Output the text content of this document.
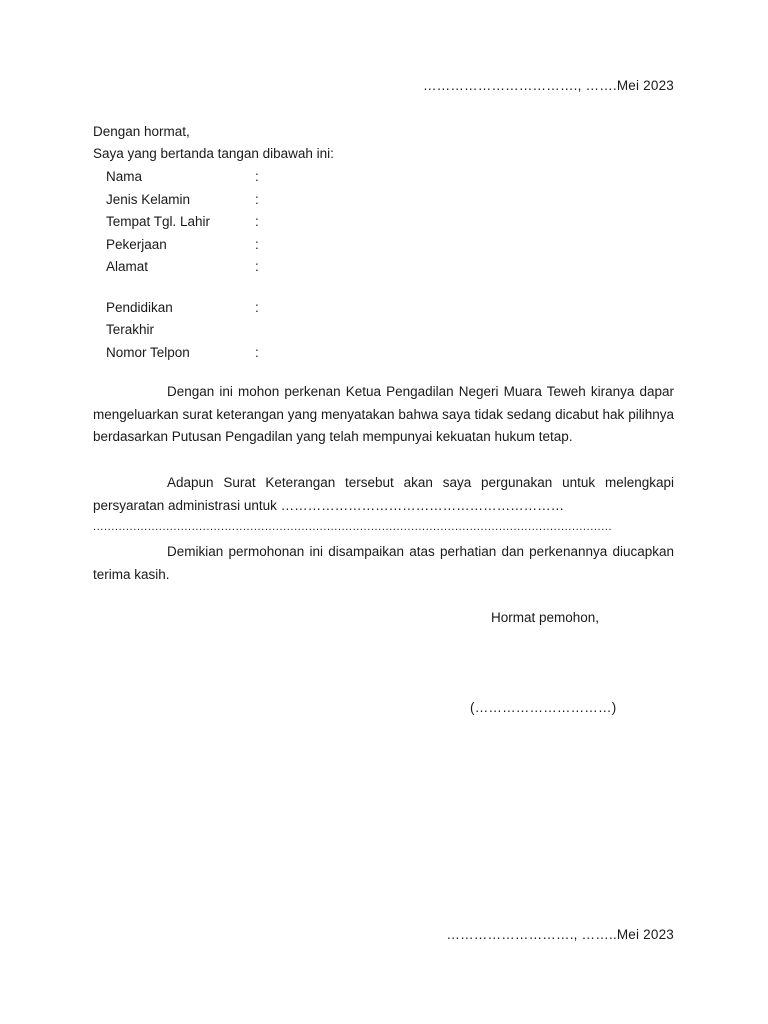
……………………………., …….Mei 2023
Dengan hormat,
Saya yang bertanda tangan dibawah ini:
Nama	:
Jenis Kelamin	:
Tempat Tgl. Lahir	:
Pekerjaan	:
Alamat	:
Pendidikan	:
Terakhir
Nomor Telpon	:
Dengan ini mohon perkenan Ketua Pengadilan Negeri Muara Teweh kiranya dapar mengeluarkan surat keterangan yang menyatakan bahwa saya tidak sedang dicabut hak pilihnya berdasarkan Putusan Pengadilan yang telah mempunyai kekuatan hukum tetap.
Adapun Surat Keterangan tersebut akan saya pergunakan untuk melengkapi persyaratan administrasi untuk ………………………………………………………
..............................................................................................................................................
Demikian permohonan ini disampaikan atas perhatian dan perkenannya diucapkan terima kasih.
Hormat pemohon,
(…………………………)
………………………., ……..Mei 2023
